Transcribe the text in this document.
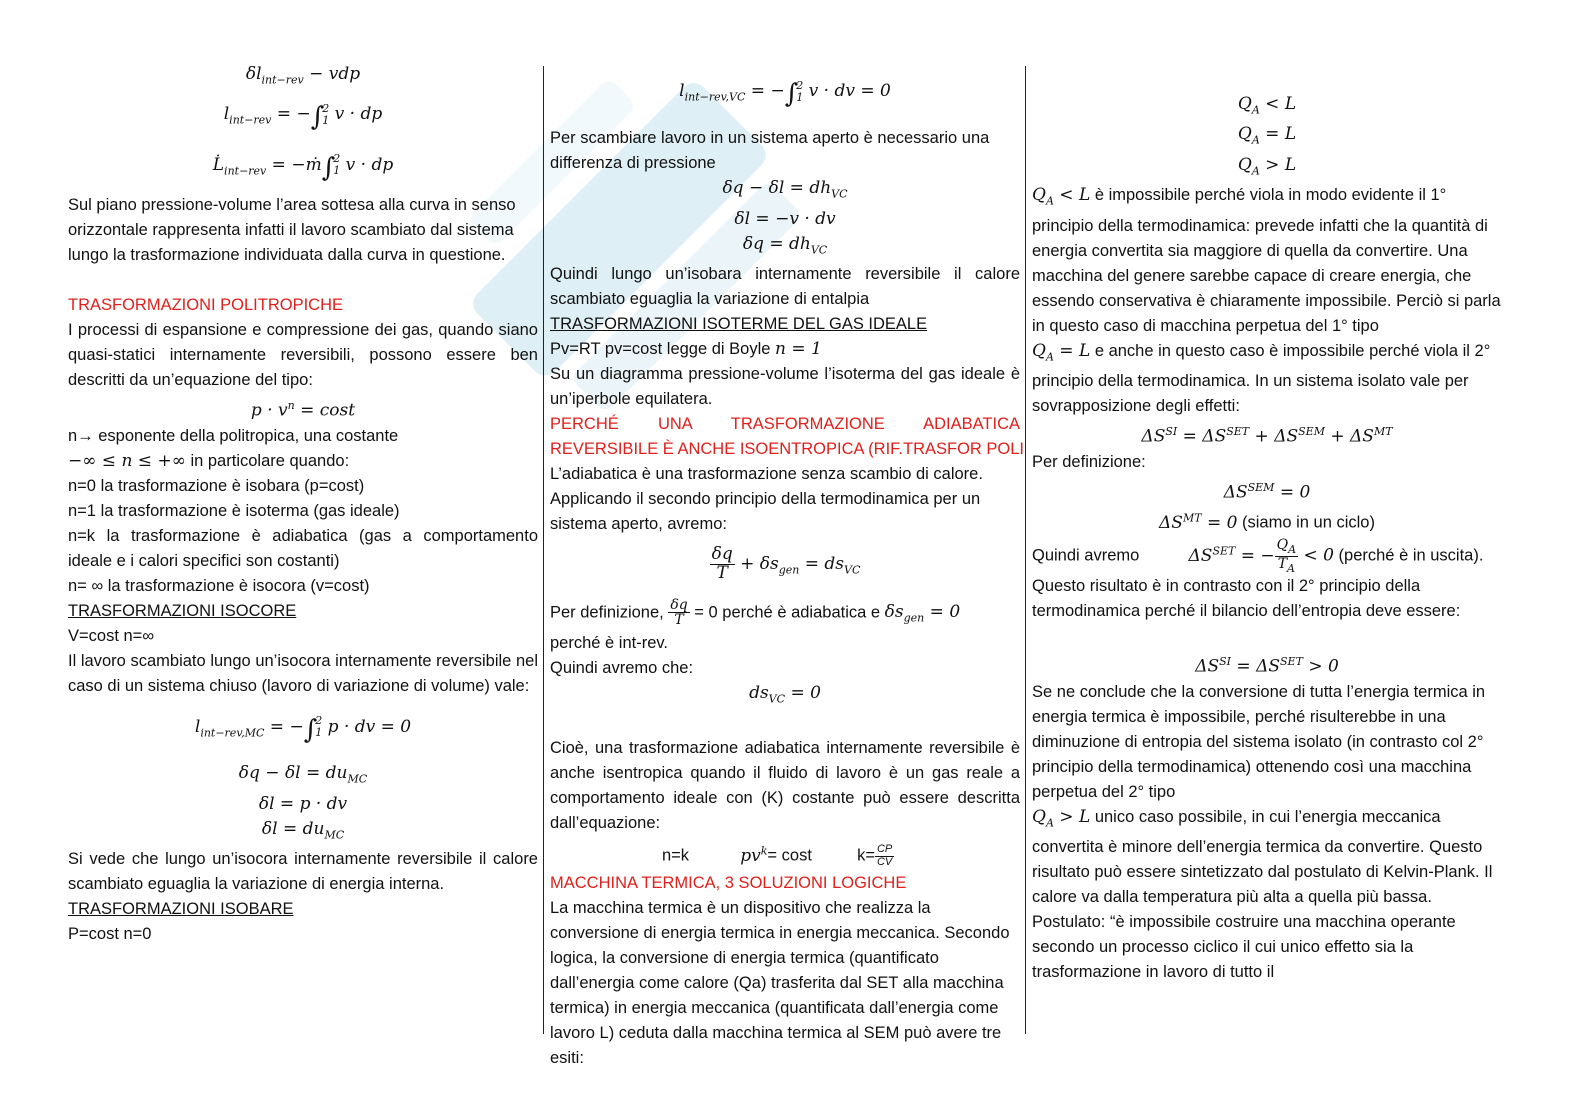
$\delta l_{int-rev}$ − vdp

$l_{int-rev}$ = −∫
2
1 v · dp

$L̇_{int-rev}$ = −ṁ∫
2
1 v · dp

Sul piano pressione-volume l’area sottesa alla curva in senso orizzontale rappresenta infatti il lavoro scambiato dal sistema lungo la trasformazione individuata dalla curva in questione.

TRASFORMAZIONI POLITROPICHE

I processi di espansione e compressione dei gas, quando siano quasi-statici internamente reversibili, possono essere ben descritti da un’equazione del tipo:

$p \cdot v^n = \cos t$

n→ esponente della politropica, una costante

−∞ ≤ n ≤ +∞ in particolare quando:

n=0 la trasformazione è isobara (p=cost)

n=1 la trasformazione è isoterma (gas ideale)

n=k la trasformazione è adiabatica (gas a comportamento ideale e i calori specifici son costanti)

n= ∞ la trasformazione è isocora (v=cost)

TRASFORMAZIONI ISOCORE

V=cost n=∞

Il lavoro scambiato lungo un’isocora internamente reversibile nel caso di un sistema chiuso (lavoro di variazione di volume) vale:

$l_{int-rev,MC}$ = −∫
2
1 p · dv = 0

$\delta q - \delta l = du_{MC}$

δl = p · dv

$\delta l = du_{MC}$

Si vede che lungo un’isocora internamente reversibile il calore scambiato eguaglia la variazione di energia interna.

TRASFORMAZIONI ISOBARE

P=cost n=0

$l_{int-rev,VC}$ = −∫
2
1 v · dv = 0

Per scambiare lavoro in un sistema aperto è necessario una differenza di pressione

$\delta q - \delta l = dh_{VC}$

δl = −v · dv

$\delta q = dh_{VC}$

Quindi lungo un’isobara internamente reversibile il calore scambiato eguaglia la variazione di entalpia

TRASFORMAZIONI ISOTERME DEL GAS IDEALE

Pv=RT pv=cost legge di Boyle n = 1

Su un diagramma pressione-volume l’isoterma del gas ideale è un’iperbole equilatera.

PERCHÉ UNA TRASFORMAZIONE ADIABATICA

REVERSIBILE È ANCHE ISOENTROPICA (RIF.TRASFOR POLI

L’adiabatica è una trasformazione senza scambio di calore. Applicando il secondo principio della termodinamica per un sistema aperto, avremo:

$\frac{\delta q}{T} + \delta s_{gen} = ds_{VC}$

Per definizione, $\frac{\delta q}{T} = 0$ perché è adiabatica e $\delta s_{gen} = 0$

perché è int-rev.

Quindi avremo che:

$ds_{VC} = 0$

Cioè, una trasformazione adiabatica internamente reversibile è anche isentropica quando il fluido di lavoro è un gas reale a comportamento ideale con (K) costante può essere descritta dall’equazione:

n=k	$pv^k= \cos t$	$k= \frac{CP}{CV}$

MACCHINA TERMICA, 3 SOLUZIONI LOGICHE

La macchina termica è un dispositivo che realizza la conversione di energia termica in energia meccanica. Secondo logica, la conversione di energia termica (quantificato dall’energia come calore (Qa) trasferita dal SET alla macchina termica) in energia meccanica (quantificata dall’energia come lavoro L) ceduta dalla macchina termica al SEM può avere tre esiti:

$Q_A < L$

$Q_A = L$

$Q_A > L$

$Q_A < L$ è impossibile perché viola in modo evidente il 1° principio della termodinamica: prevede infatti che la quantità di energia convertita sia maggiore di quella da convertire. Una macchina del genere sarebbe capace di creare energia, che essendo conservativa è chiaramente impossibile. Perciò si parla in questo caso di macchina perpetua del 1° tipo

$Q_A = L$ e anche in questo caso è impossibile perché viola il 2° principio della termodinamica. In un sistema isolato vale per sovrapposizione degli effetti:

$\Delta S^{SI} = \Delta S^{SET} + \Delta S^{SEM} + \Delta S^{MT}$

Per definizione:

$\Delta S^{SEM} = 0$

$\Delta S^{MT} = 0$ (siamo in un ciclo)

Quindi avremo	$\Delta S^{SET}$ = − $\frac{Q_A}{T_A} < 0$ (perché è in uscita).

Questo risultato è in contrasto con il 2° principio della termodinamica perché il bilancio dell’entropia deve essere:

$\Delta S^{SI} = \Delta S^{SET} > 0$

Se ne conclude che la conversione di tutta l’energia termica in energia termica è impossibile, perché risulterebbe in una diminuzione di entropia del sistema isolato (in contrasto col 2° principio della termodinamica) ottenendo così una macchina perpetua del 2° tipo

$Q_A > L$ unico caso possibile, in cui l’energia meccanica convertita è minore dell’energia termica da convertire. Questo risultato può essere sintetizzato dal postulato di Kelvin-Plank. Il calore va dalla temperatura più alta a quella più bassa. Postulato: “è impossibile costruire una macchina operante secondo un processo ciclico il cui unico effetto sia la trasformazione in lavoro di tutto il
